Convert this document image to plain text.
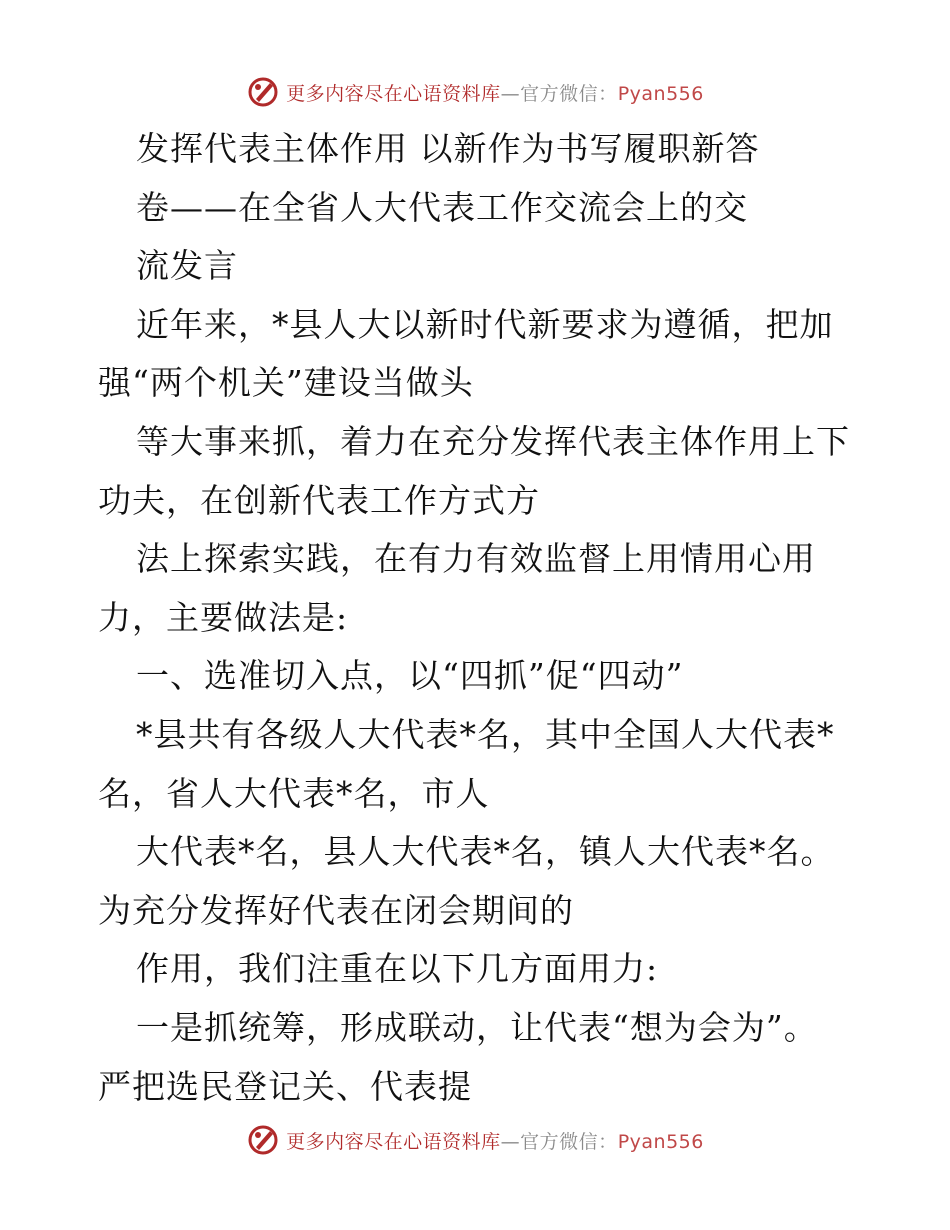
更多内容尽在心语资料库—官方微信：Pyan556
发挥代表主体作用 以新作为书写履职新答
卷——在全省人大代表工作交流会上的交
流发言
近年来，*县人大以新时代新要求为遵循，把加
强“两个机关”建设当做头
等大事来抓，着力在充分发挥代表主体作用上下
功夫，在创新代表工作方式方
法上探索实践，在有力有效监督上用情用心用
力，主要做法是:
一、选准切入点，以“四抓”促“四动”
*县共有各级人大代表*名，其中全国人大代表*
名，省人大代表*名，市人
大代表*名，县人大代表*名，镇人大代表*名。
为充分发挥好代表在闭会期间的
作用，我们注重在以下几方面用力:
一是抓统筹，形成联动，让代表“想为会为”。
严把选民登记关、代表提
更多内容尽在心语资料库—官方微信：Pyan556
